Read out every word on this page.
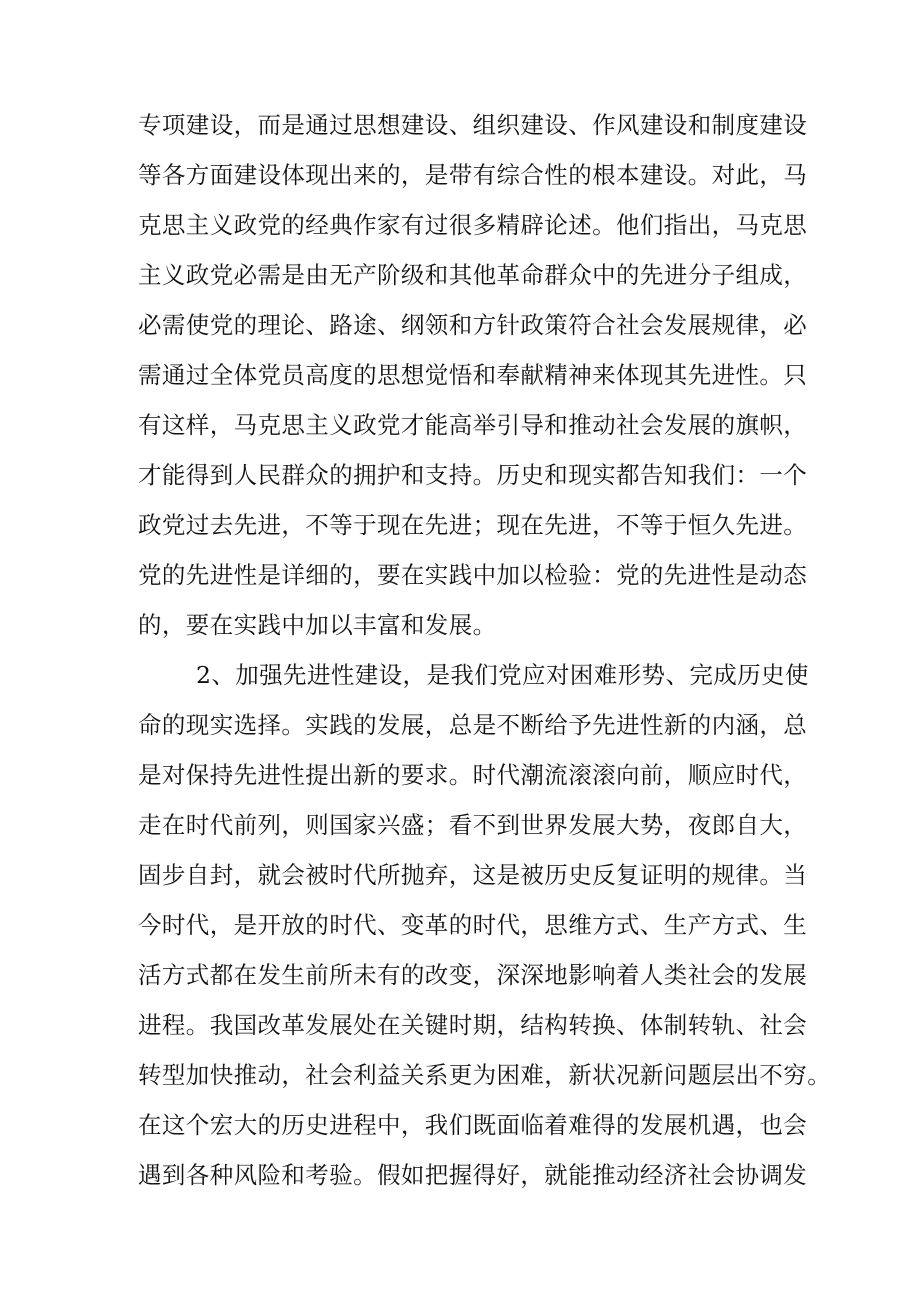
专项建设，而是通过思想建设、组织建设、作风建设和制度建设
等各方面建设体现出来的，是带有综合性的根本建设。对此，马
克思主义政党的经典作家有过很多精辟论述。他们指出，马克思
主义政党必需是由无产阶级和其他革命群众中的先进分子组成，
必需使党的理论、路途、纲领和方针政策符合社会发展规律，必
需通过全体党员高度的思想觉悟和奉献精神来体现其先进性。只
有这样，马克思主义政党才能高举引导和推动社会发展的旗帜，
才能得到人民群众的拥护和支持。历史和现实都告知我们：一个
政党过去先进，不等于现在先进；现在先进，不等于恒久先进。
党的先进性是详细的，要在实践中加以检验：党的先进性是动态
的，要在实践中加以丰富和发展。
2、加强先进性建设，是我们党应对困难形势、完成历史使
命的现实选择。实践的发展，总是不断给予先进性新的内涵，总
是对保持先进性提出新的要求。时代潮流滚滚向前，顺应时代，
走在时代前列，则国家兴盛；看不到世界发展大势，夜郎自大，
固步自封，就会被时代所抛弃，这是被历史反复证明的规律。当
今时代，是开放的时代、变革的时代，思维方式、生产方式、生
活方式都在发生前所未有的改变，深深地影响着人类社会的发展
进程。我国改革发展处在关键时期，结构转换、体制转轨、社会
转型加快推动，社会利益关系更为困难，新状况新问题层出不穷。
在这个宏大的历史进程中，我们既面临着难得的发展机遇，也会
遇到各种风险和考验。假如把握得好，就能推动经济社会协调发
